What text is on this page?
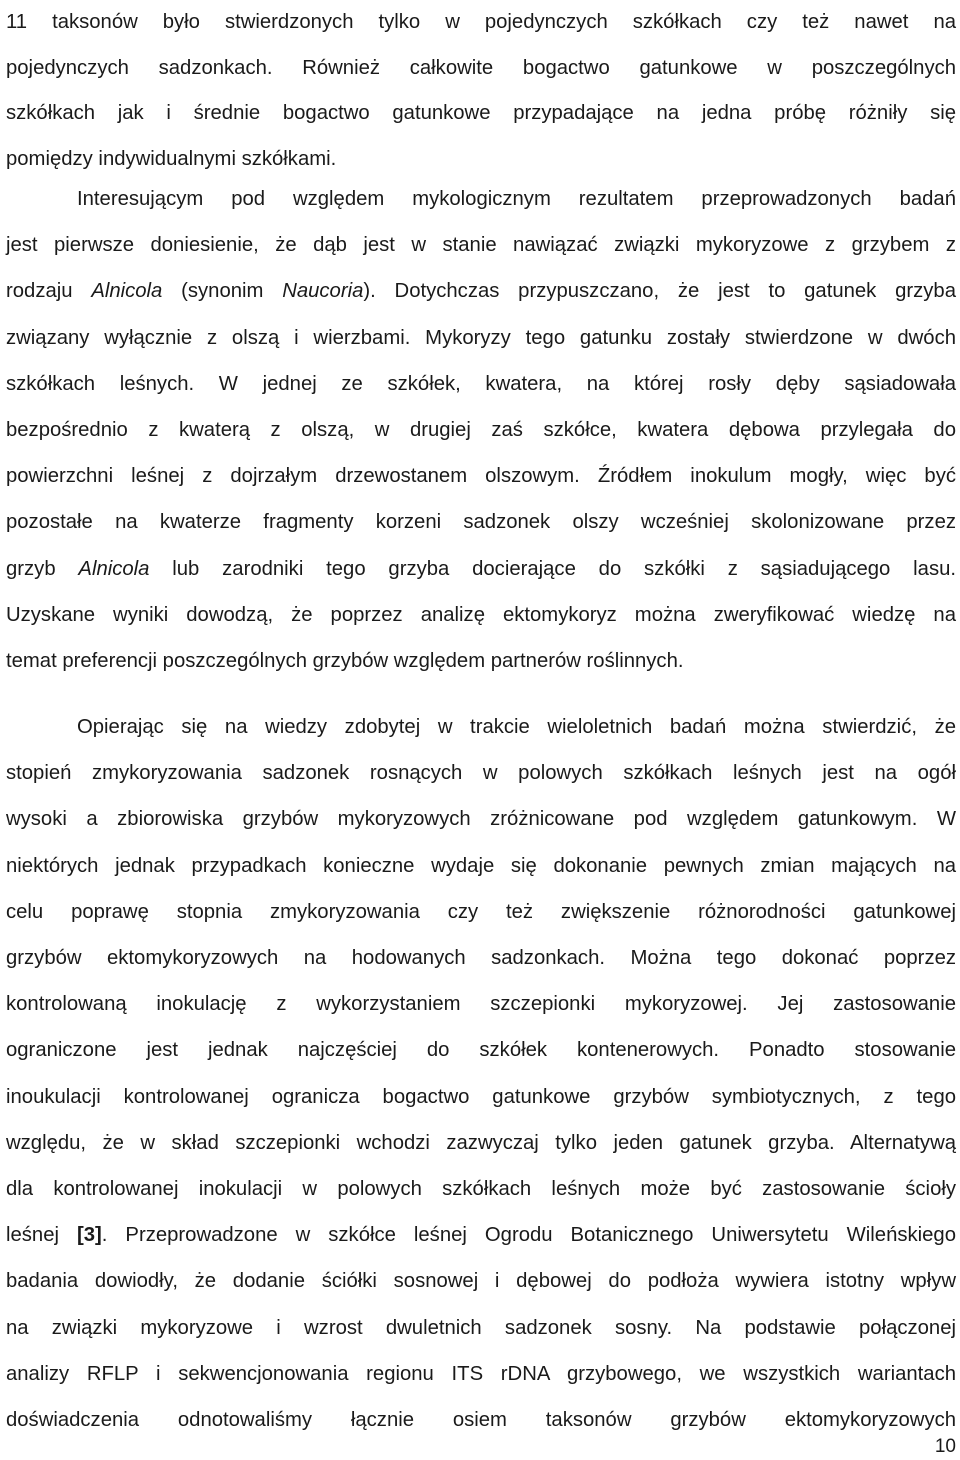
11 taksonów było stwierdzonych tylko w pojedynczych szkółkach czy też nawet na
pojedynczych sadzonkach. Również całkowite bogactwo gatunkowe w poszczególnych
szkółkach jak i średnie bogactwo gatunkowe przypadające na jedna próbę różniły się
pomiędzy indywidualnymi szkółkami.
Interesującym pod względem mykologicznym rezultatem przeprowadzonych badań
jest pierwsze doniesienie, że dąb jest w stanie nawiązać związki mykoryzowe z grzybem z
rodzaju Alnicola (synonim Naucoria). Dotychczas przypuszczano, że jest to gatunek grzyba
związany wyłącznie z olszą i wierzbami. Mykoryzy tego gatunku zostały stwierdzone w dwóch
szkółkach leśnych. W jednej ze szkółek, kwatera, na której rosły dęby sąsiadowała
bezpośrednio z kwaterą z olszą, w drugiej zaś szkółce, kwatera dębowa przylegała do
powierzchni leśnej z dojrzałym drzewostanem olszowym. Źródłem inokulum mogły, więc być
pozostałe na kwaterze fragmenty korzeni sadzonek olszy wcześniej skolonizowane przez
grzyb Alnicola lub zarodniki tego grzyba docierające do szkółki z sąsiadującego lasu.
Uzyskane wyniki dowodzą, że poprzez analizę ektomykoryz można zweryfikować wiedzę na
temat preferencji poszczególnych grzybów względem partnerów roślinnych.
Opierając się na wiedzy zdobytej w trakcie wieloletnich badań można stwierdzić, że
stopień zmykoryzowania sadzonek rosnących w polowych szkółkach leśnych jest na ogół
wysoki a zbiorowiska grzybów mykoryzowych zróżnicowane pod względem gatunkowym. W
niektórych jednak przypadkach konieczne wydaje się dokonanie pewnych zmian mających na
celu poprawę stopnia zmykoryzowania czy też zwiększenie różnorodności gatunkowej
grzybów ektomykoryzowych na hodowanych sadzonkach. Można tego dokonać poprzez
kontrolowaną inokulację z wykorzystaniem szczepionki mykoryzowej. Jej zastosowanie
ograniczone jest jednak najczęściej do szkółek kontenerowych. Ponadto stosowanie
inoukulacji kontrolowanej ogranicza bogactwo gatunkowe grzybów symbiotycznych, z tego
względu, że w skład szczepionki wchodzi zazwyczaj tylko jeden gatunek grzyba. Alternatywą
dla kontrolowanej inokulacji w polowych szkółkach leśnych może być zastosowanie ścioły
leśnej [3]. Przeprowadzone w szkółce leśnej Ogrodu Botanicznego Uniwersytetu Wileńskiego
badania dowiodły, że dodanie ściółki sosnowej i dębowej do podłoża wywiera istotny wpływ
na związki mykoryzowe i wzrost dwuletnich sadzonek sosny. Na podstawie połączonej
analizy RFLP i sekwencjonowania regionu ITS rDNA grzybowego, we wszystkich wariantach
doświadczenia odnotowaliśmy łącznie osiem taksonów grzybów ektomykoryzowych
10
